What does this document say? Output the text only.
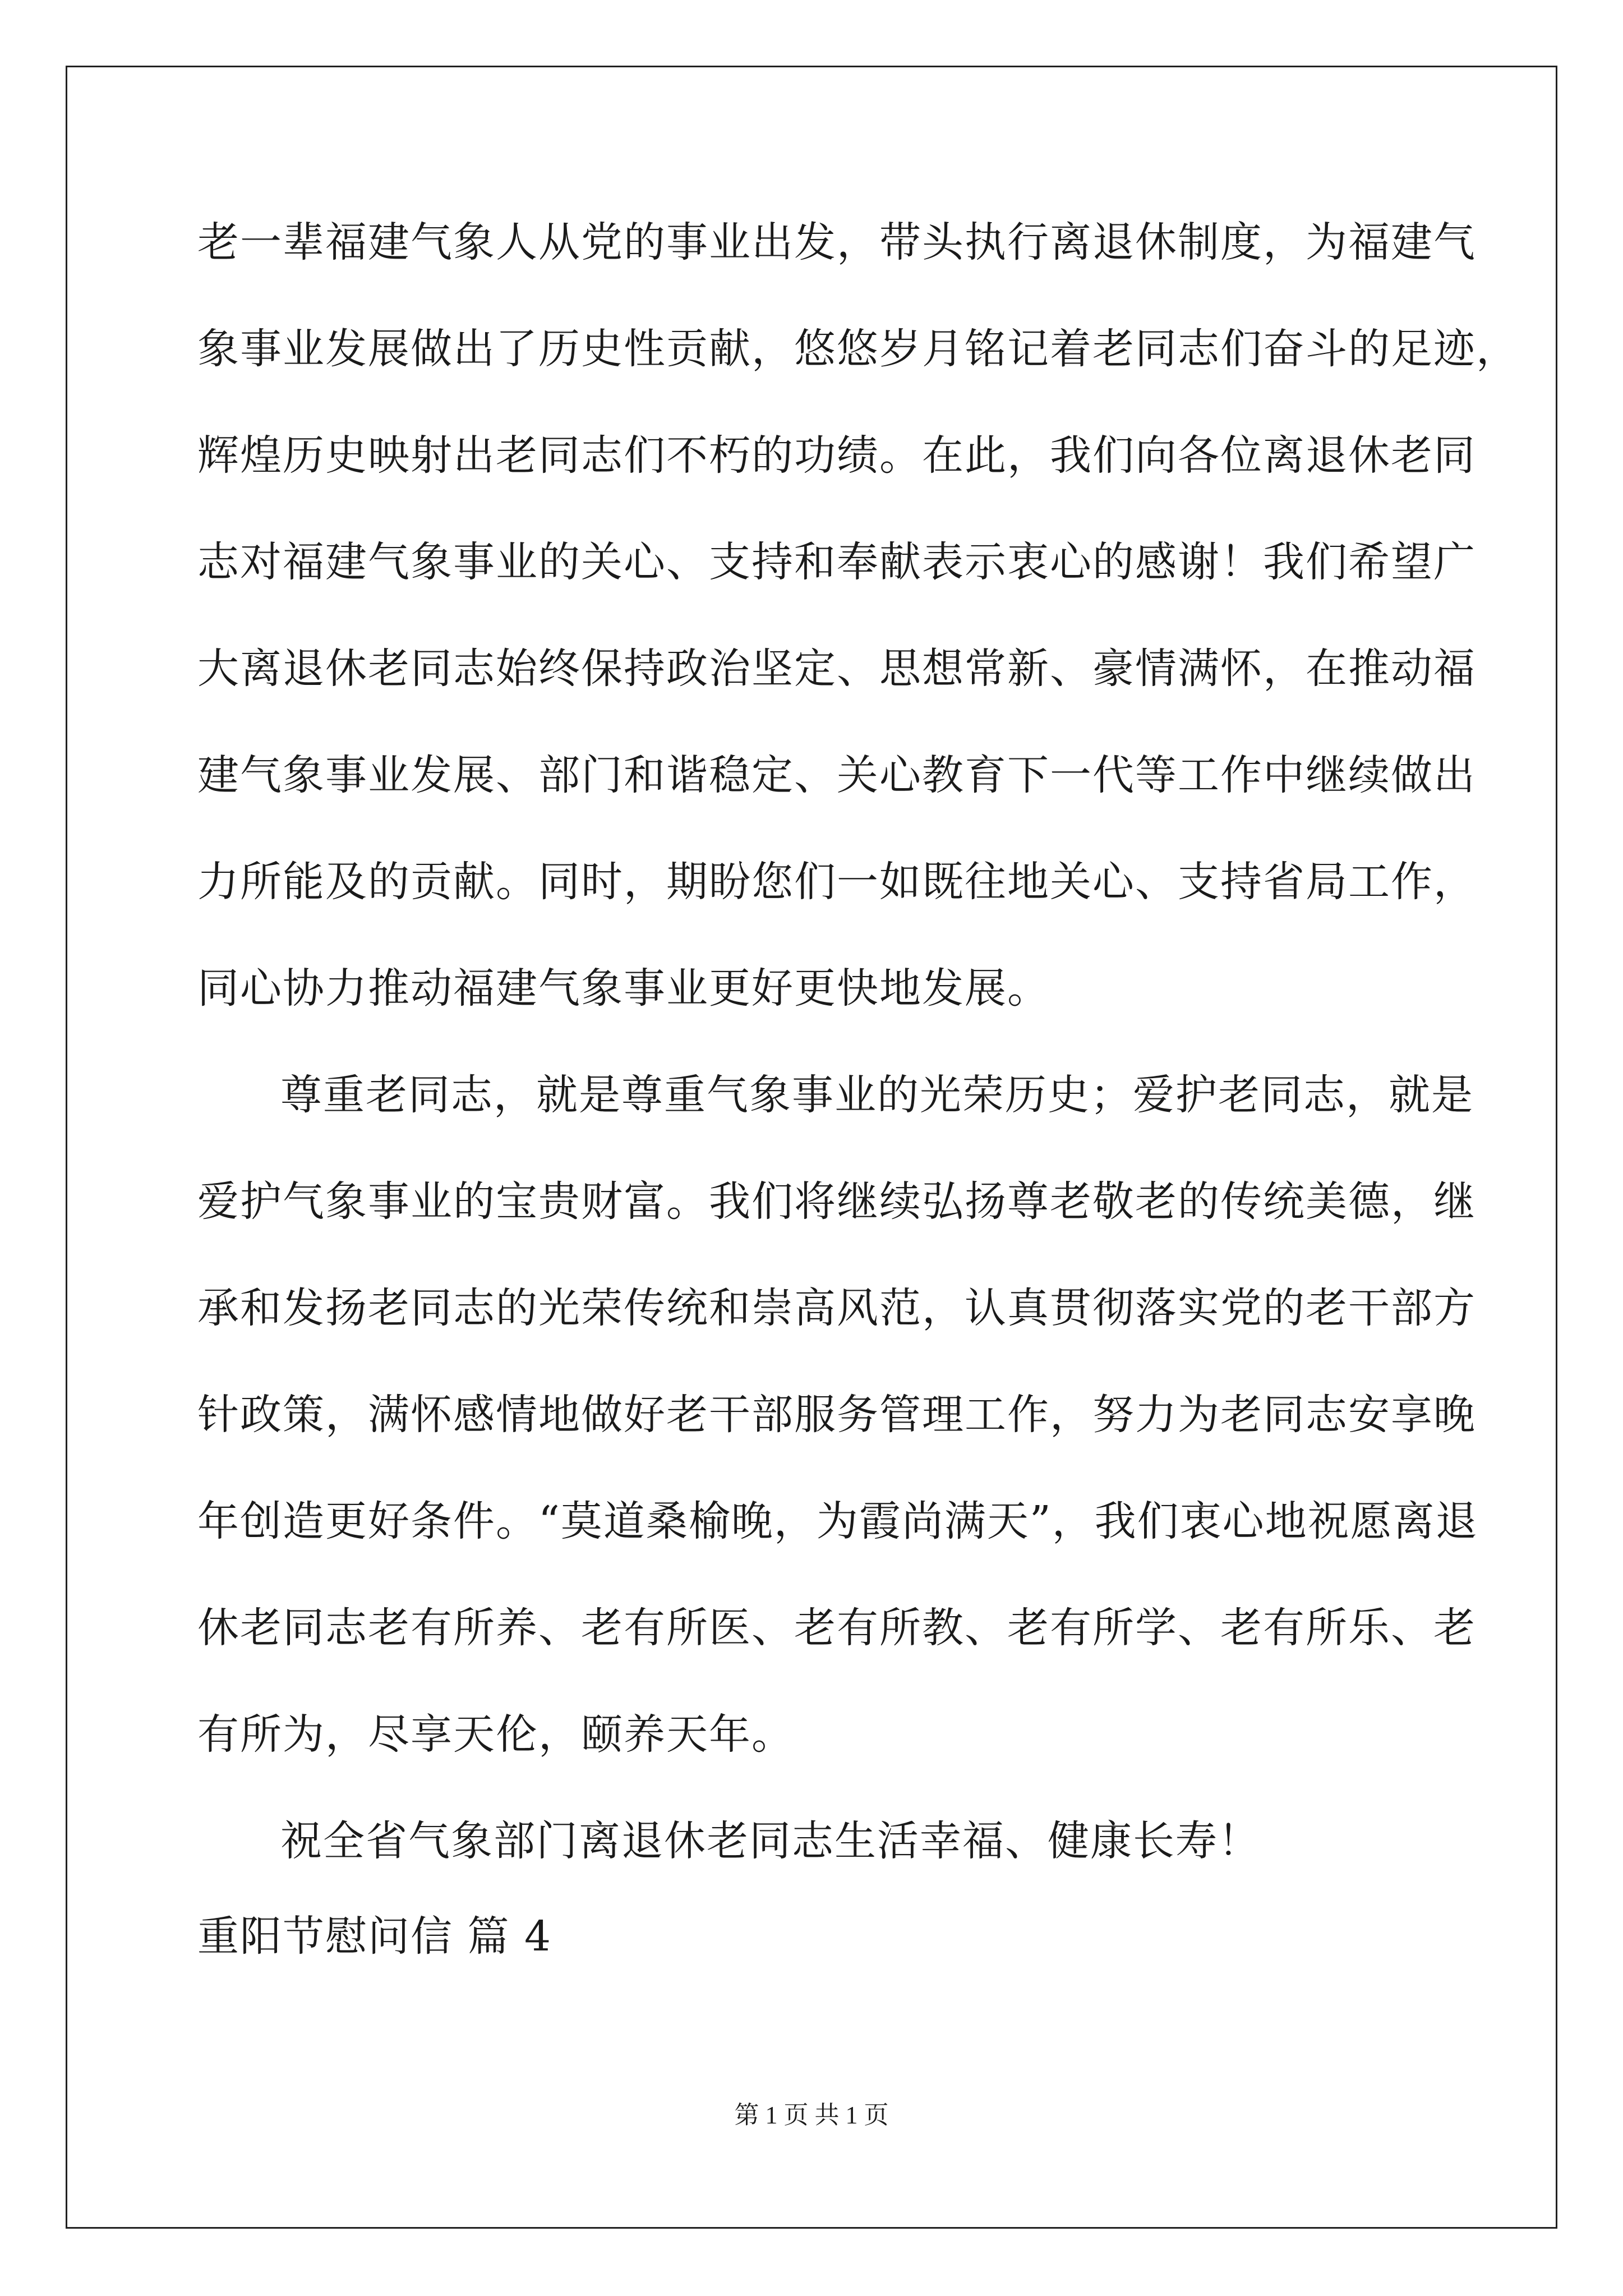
老一辈福建气象人从党的事业出发，带头执行离退休制度，为福建气
象事业发展做出了历史性贡献，悠悠岁月铭记着老同志们奋斗的足迹，
辉煌历史映射出老同志们不朽的功绩。在此，我们向各位离退休老同
志对福建气象事业的关心、支持和奉献表示衷心的感谢！我们希望广
大离退休老同志始终保持政治坚定、思想常新、豪情满怀，在推动福
建气象事业发展、部门和谐稳定、关心教育下一代等工作中继续做出
力所能及的贡献。同时，期盼您们一如既往地关心、支持省局工作，
同心协力推动福建气象事业更好更快地发展。
尊重老同志，就是尊重气象事业的光荣历史；爱护老同志，就是
爱护气象事业的宝贵财富。我们将继续弘扬尊老敬老的传统美德，继
承和发扬老同志的光荣传统和崇高风范，认真贯彻落实党的老干部方
针政策，满怀感情地做好老干部服务管理工作，努力为老同志安享晚
年创造更好条件。“莫道桑榆晚，为霞尚满天”，我们衷心地祝愿离退
休老同志老有所养、老有所医、老有所教、老有所学、老有所乐、老
有所为，尽享天伦，颐养天年。
祝全省气象部门离退休老同志生活幸福、健康长寿！
重阳节慰问信 篇 4
第 1 页 共 1 页
